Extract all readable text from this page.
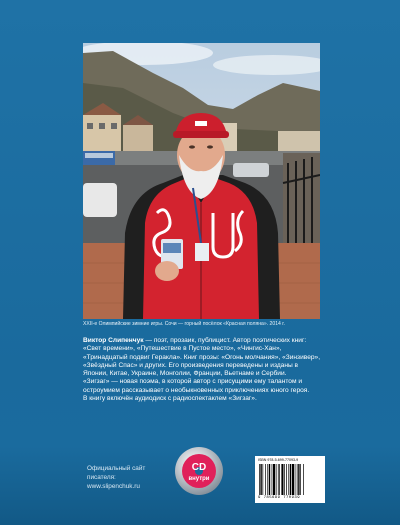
XXII-е Олимпийские зимние игры. Сочи — горный посёлок «Красная поляна». 2014 г.

Виктор Слипенчук — поэт, прозаик, публицист. Автор поэтических книг: «Свет времени», «Путешествие в Пустое место», «Чингис-Хан», «Тринадцатый подвиг Геракла». Книг прозы: «Огонь молчания», «Зинзивер», «Звёздный Спас» и других. Его произведения переведены и изданы в Японии, Китае, Украине, Монголии, Франции, Вьетнаме и Сербии.

«Зигзаг» — новая поэма, в которой автор с присущими ему талантом и остроумием рассказывает о необыкновенных приключениях юного героя.

В книгу включён аудиодиск с радиоспектаклем «Зигзаг».

Официальный сайт
писателя:
www.slipenchuk.ru
CD
внутри
ISBN 978-5-699-77093-9
9 785699 770939
